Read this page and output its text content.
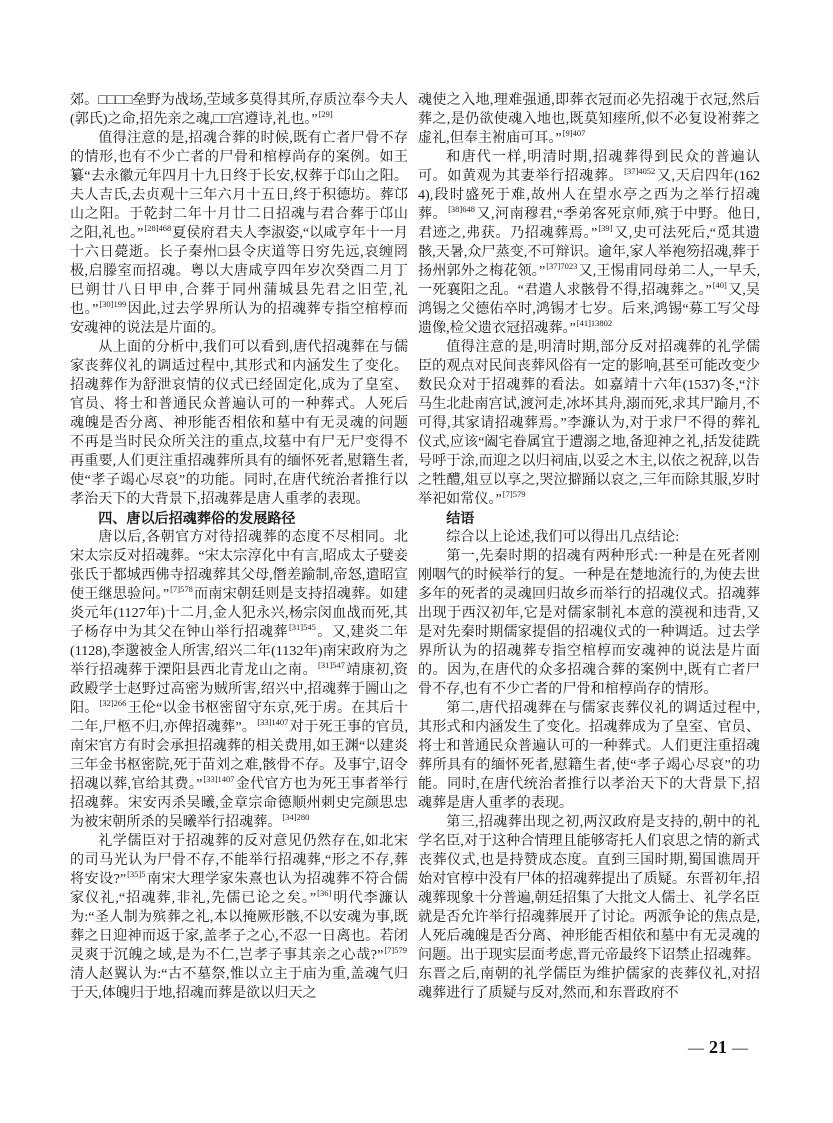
郊。□□□□垒野为战场,茔域多莫得其所,存质泣奉今夫人(郭氏)之命,招先亲之魂,□□宫遵诗,礼也。”[29]

值得注意的是,招魂合葬的时候,既有亡者尸骨不存的情形,也有不少亡者的尸骨和棺椁尚存的案例。如王纂“去永徽元年四月十九日终于长安,权葬于邙山之阳。夫人吉氏,去贞观十三年六月十五日,终于积德坊。葬邙山之阳。于乾封二年十月廿二日招魂与君合葬于邙山之阳,礼也。”$^{[28]468}$夏侯府君夫人李淑姿,“以咸亨年十一月十六日薨逝。长子秦州□县令庆道等日穷先远,哀缠罔极,启滕室而招魂。粤以大唐咸亨四年岁次癸酉二月丁巳朔廿八日甲申,合葬于同州蒲城县先君之旧茔,礼也。”$^{[30]199}$因此,过去学界所认为的招魂葬专指空棺椁而安魂神的说法是片面的。

从上面的分析中,我们可以看到,唐代招魂葬在与儒家丧葬仪礼的调适过程中,其形式和内涵发生了变化。招魂葬作为舒泄哀情的仪式已经固定化,成为了皇室、官员、将士和普通民众普遍认可的一种葬式。人死后魂魄是否分离、神形能否相依和墓中有无灵魂的问题不再是当时民众所关注的重点,坟墓中有尸无尸变得不再重要,人们更注重招魂葬所具有的缅怀死者,慰籍生者,使“孝子竭心尽哀”的功能。同时,在唐代统治者推行以孝治天下的大背景下,招魂葬是唐人重孝的表现。

四、唐以后招魂葬俗的发展路径

唐以后,各朝官方对待招魂葬的态度不尽相同。北宋太宗反对招魂葬。“宋太宗淳化中有言,昭成太子嬖妾张氏于都城西佛寺招魂葬其父母,僭差踰制,帝怒,遣昭宣使王继思验问。”$^{[7]578}$而南宋朝廷则是支持招魂葬。如建炎元年(1127年)十二月,金人犯永兴,杨宗闵血战而死,其子杨存中为其父在钟山举行招魂葬$^{[31]545}$。又,建炎二年(1128),李邈被金人所害,绍兴二年(1132年)南宋政府为之举行招魂葬于溧阳县西北青龙山之南。$^{[31]547}$靖康初,资政殿学士赵野过高密为贼所害,绍兴中,招魂葬于圌山之阳。$^{[32]266}$王伦“以金书枢密留守东京,死于虏。在其后十二年,尸柩不归,亦俾招魂葬”。$^{[33]1407}$对于死王事的官员,南宋官方有时会承担招魂葬的相关费用,如王渊“以建炎三年金书枢密院,死于苗刘之难,骸骨不存。及事宁,诏令招魂以葬,官给其费。”$^{[33]1407}$金代官方也为死王事者举行招魂葬。宋安丙杀吴曦,金章宗命德顺州刺史完颜思忠为被宋朝所杀的吴曦举行招魂葬。$^{[34]280}$

礼学儒臣对于招魂葬的反对意见仍然存在,如北宋的司马光认为尸骨不存,不能举行招魂葬,“形之不存,葬将安设?”$^{[35]5}$南宋大理学家朱熹也认为招魂葬不符合儒家仪礼,“招魂葬,非礼,先儒已论之矣。”[36]明代李濂认为:“圣人制为殡葬之礼,本以掩厥形骸,不以安魂为事,既葬之日迎神而返于家,盖孝子之心,不忍一日离也。若闭灵爽于沉魄之域,是为不仁,岂孝子事其亲之心哉?”$^{[7]579}$清人赵翼认为:“古不墓祭,惟以立主于庙为重,盖魂气归于天,体魄归于地,招魂而葬是欲以归天之

魂使之入地,理难强通,即葬衣冠而必先招魂于衣冠,然后葬之,是仍欲使魂入地也,既莫知瘗所,似不必复设袝葬之虚礼,但奉主袝庙可耳。”$^{[9]407}$

和唐代一样,明清时期,招魂葬得到民众的普遍认可。如黄观为其妻举行招魂葬。$^{[37]4052}$又,天启四年(1624),段时盛死于难,故州人在望水亭之西为之举行招魂葬。$^{[38]648}$又,河南穆君,“季弟客死京师,殡于中野。他日,君迹之,弗获。乃招魂葬焉。”[39]又,史可法死后,“觅其遗骸,天暑,众尸蒸变,不可辩识。逾年,家人举袍笏招魂,葬于扬州郭外之梅花领。”$^{[37]7023}$又,王惕甫同母弟二人,一早夭,一死襄阳之乱。“君遣人求骸骨不得,招魂葬之。”[40]又,吴鸿锡之父德佑卒时,鸿锡才七岁。后来,鸿锡“募工写父母遗像,检父遗衣冠招魂葬。”$^{[41]13802}$

值得注意的是,明清时期,部分反对招魂葬的礼学儒臣的观点对民间丧葬风俗有一定的影响,甚至可能改变少数民众对于招魂葬的看法。如嘉靖十六年(1537)冬,“汴马生北赴南宫试,渡河走,冰坏其舟,溺而死,求其尸踰月,不可得,其家请招魂葬焉。”李濂认为,对于求尸不得的葬礼仪式,应该“阖宅眷属宜于遭溺之地,备迎神之礼,括发徒跣号呼于涂,而迎之以归祠庙,以妥之木主,以依之祝辞,以告之牲醴,俎豆以享之,哭泣擗踊以哀之,三年而除其服,岁时举祀如常仪。”$^{[7]579}$

结语

综合以上论述,我们可以得出几点结论:

第一,先秦时期的招魂有两种形式:一种是在死者刚刚咽气的时候举行的复。一种是在楚地流行的,为使去世多年的死者的灵魂回归故乡而举行的招魂仪式。招魂葬出现于西汉初年,它是对儒家制礼本意的漠视和违背,又是对先秦时期儒家提倡的招魂仪式的一种调适。过去学界所认为的招魂葬专指空棺椁而安魂神的说法是片面的。因为,在唐代的众多招魂合葬的案例中,既有亡者尸骨不存,也有不少亡者的尸骨和棺椁尚存的情形。

第二,唐代招魂葬在与儒家丧葬仪礼的调适过程中,其形式和内涵发生了变化。招魂葬成为了皇室、官员、将士和普通民众普遍认可的一种葬式。人们更注重招魂葬所具有的缅怀死者,慰籍生者,使“孝子竭心尽哀”的功能。同时,在唐代统治者推行以孝治天下的大背景下,招魂葬是唐人重孝的表现。

第三,招魂葬出现之初,两汉政府是支持的,朝中的礼学名臣,对于这种合情理且能够寄托人们哀思之情的新式丧葬仪式,也是持赞成态度。直到三国时期,蜀国谯周开始对官椁中没有尸体的招魂葬提出了质疑。东晋初年,招魂葬现象十分普遍,朝廷招集了大批文人儒士、礼学名臣就是否允许举行招魂葬展开了讨论。两派争论的焦点是,人死后魂魄是否分离、神形能否相依和墓中有无灵魂的问题。出于现实层面考虑,晋元帝最终下诏禁止招魂葬。东晋之后,南朝的礼学儒臣为维护儒家的丧葬仪礼,对招魂葬进行了质疑与反对,然而,和东晋政府不

— 21 —
